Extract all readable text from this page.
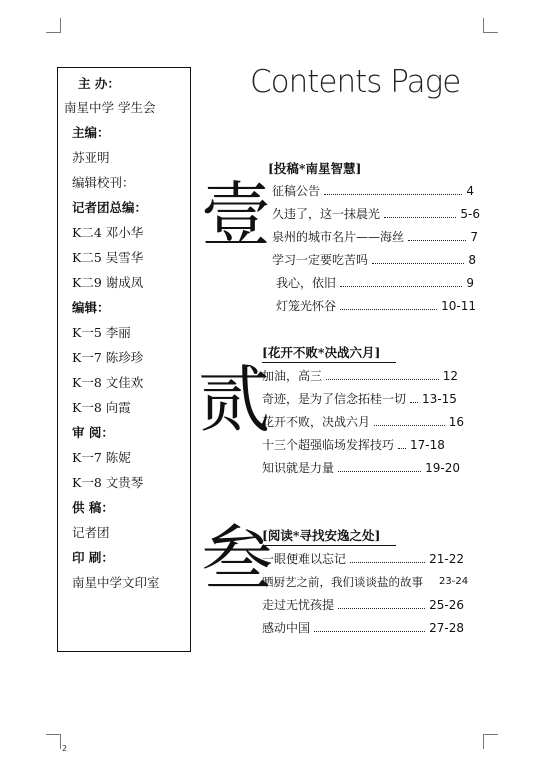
主 办：
南星中学 学生会
主编：
苏亚明
编辑校刊：
记者团总编：
K二4 邓小华
K二5 吴雪华
K二9 谢成凤
编辑：
K一5 李丽
K一7 陈珍珍
K一8 文佳欢
K一8 向霞
审 阅：
K一7 陈妮
K一8 文贵琴
供 稿：
记者团
印 刷：
南星中学文印室
Contents Page
壹
贰
叁
[投稿*南星智慧]
征稿公告	4
久违了，这一抹晨光	5-6
泉州的城市名片——海丝	7
学习一定要吃苦吗	8
我心，依旧	9
灯笼光怀谷	10-11
[花开不败*决战六月]
加油，高三	12
奇迹，是为了信念拓桂一切 13-15
花开不败，决战六月	16
十三个超强临场发挥技巧 17-18
知识就是力量	19-20
[阅读*寻找安逸之处]
一眼便难以忘记	21-22
晒厨艺之前，我们谈谈盐的故事 23-24
走过无忧孩提	25-26
感动中国	27-28
2
